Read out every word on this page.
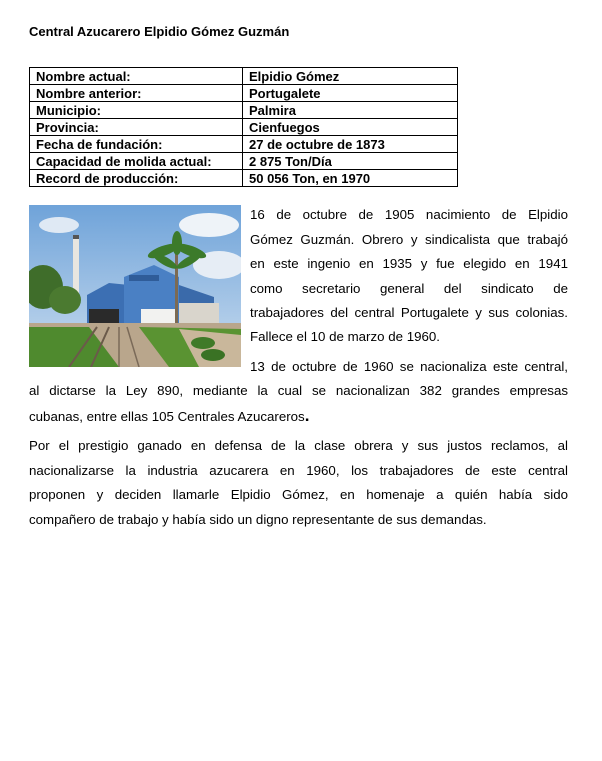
Central Azucarero Elpidio Gómez Guzmán
Nombre actual:	Elpidio Gómez
Nombre anterior:	Portugalete
Municipio:	Palmira
Provincia:	Cienfuegos
Fecha de fundación:	27 de octubre de 1873
Capacidad de molida actual:	2 875 Ton/Día
Record de producción:	50 056 Ton, en 1970
16 de octubre de 1905 nacimiento de Elpidio
Gómez Guzmán. Obrero y sindicalista que trabajó
en este ingenio en 1935 y fue elegido en 1941
como secretario general del sindicato de
trabajadores del central Portugalete y sus colonias.
Fallece el 10 de marzo de 1960.
13 de octubre de 1960 se nacionaliza este central,
al dictarse la Ley 890, mediante la cual se nacionalizan 382 grandes empresas
cubanas, entre ellas 105 Centrales Azucareros.
Por el prestigio ganado en defensa de la clase obrera y sus justos reclamos, al
nacionalizarse la industria azucarera en 1960, los trabajadores de este central
proponen y deciden llamarle Elpidio Gómez, en homenaje a quién había sido
compañero de trabajo y había sido un digno representante de sus demandas.
